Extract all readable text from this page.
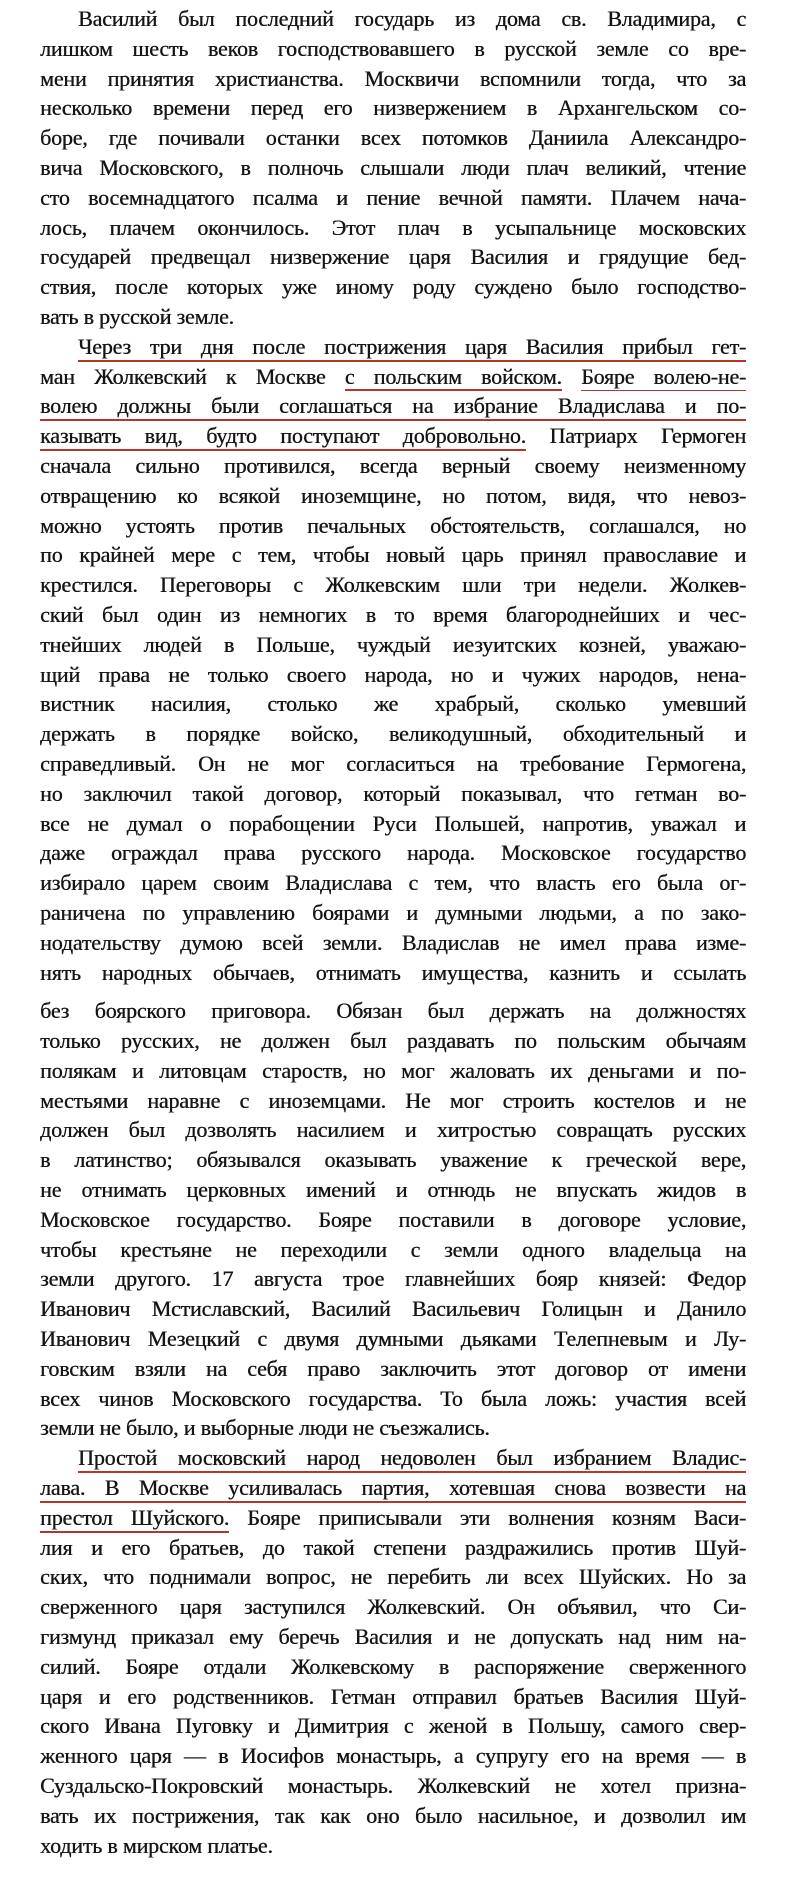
Василий был последний государь из дома св. Владимира, с
лишком шесть веков господствовавшего в русской земле со вре-
мени принятия христианства. Москвичи вспомнили тогда, что за
несколько времени перед его низвержением в Архангельском со-
боре, где почивали останки всех потомков Даниила Александро-
вича Московского, в полночь слышали люди плач великий, чтение
сто восемнадцатого псалма и пение вечной памяти. Плачем нача-
лось, плачем окончилось. Этот плач в усыпальнице московских
государей предвещал низвержение царя Василия и грядущие бед-
ствия, после которых уже иному роду суждено было господство-
вать в русской земле.
Через три дня после пострижения царя Василия прибыл гет-
ман Жолкевский к Москве с польским войском. Бояре волею-не-
волею должны были соглашаться на избрание Владислава и по-
казывать вид, будто поступают добровольно. Патриарх Гермоген
сначала сильно противился, всегда верный своему неизменному
отвращению ко всякой иноземщине, но потом, видя, что невоз-
можно устоять против печальных обстоятельств, соглашался, но
по крайней мере с тем, чтобы новый царь принял православие и
крестился. Переговоры с Жолкевским шли три недели. Жолкев-
ский был один из немногих в то время благороднейших и чес-
тнейших людей в Польше, чуждый иезуитских козней, уважаю-
щий права не только своего народа, но и чужих народов, нена-
вистник насилия, столько же храбрый, сколько умевший
держать в порядке войско, великодушный, обходительный и
справедливый. Он не мог согласиться на требование Гермогена,
но заключил такой договор, который показывал, что гетман во-
все не думал о порабощении Руси Польшей, напротив, уважал и
даже ограждал права русского народа. Московское государство
избирало царем своим Владислава с тем, что власть его была ог-
раничена по управлению боярами и думными людьми, а по зако-
нодательству думою всей земли. Владислав не имел права изме-
нять народных обычаев, отнимать имущества, казнить и ссылать
без боярского приговора. Обязан был держать на должностях
только русских, не должен был раздавать по польским обычаям
полякам и литовцам староств, но мог жаловать их деньгами и по-
местьями наравне с иноземцами. Не мог строить костелов и не
должен был дозволять насилием и хитростью совращать русских
в латинство; обязывался оказывать уважение к греческой вере,
не отнимать церковных имений и отнюдь не впускать жидов в
Московское государство. Бояре поставили в договоре условие,
чтобы крестьяне не переходили с земли одного владельца на
земли другого. 17 августа трое главнейших бояр князей: Федор
Иванович Мстиславский, Василий Васильевич Голицын и Данило
Иванович Мезецкий с двумя думными дьяками Телепневым и Лу-
говским взяли на себя право заключить этот договор от имени
всех чинов Московского государства. То была ложь: участия всей
земли не было, и выборные люди не съезжались.
Простой московский народ недоволен был избранием Владис-
лава. В Москве усиливалась партия, хотевшая снова возвести на
престол Шуйского. Бояре приписывали эти волнения козням Васи-
лия и его братьев, до такой степени раздражились против Шуй-
ских, что поднимали вопрос, не перебить ли всех Шуйских. Но за
сверженного царя заступился Жолкевский. Он объявил, что Си-
гизмунд приказал ему беречь Василия и не допускать над ним на-
силий. Бояре отдали Жолкевскому в распоряжение сверженного
царя и его родственников. Гетман отправил братьев Василия Шуй-
ского Ивана Пуговку и Димитрия с женой в Польшу, самого свер-
женного царя — в Иосифов монастырь, а супругу его на время — в
Суздальско-Покровский монастырь. Жолкевский не хотел призна-
вать их пострижения, так как оно было насильное, и дозволил им
ходить в мирском платье.
